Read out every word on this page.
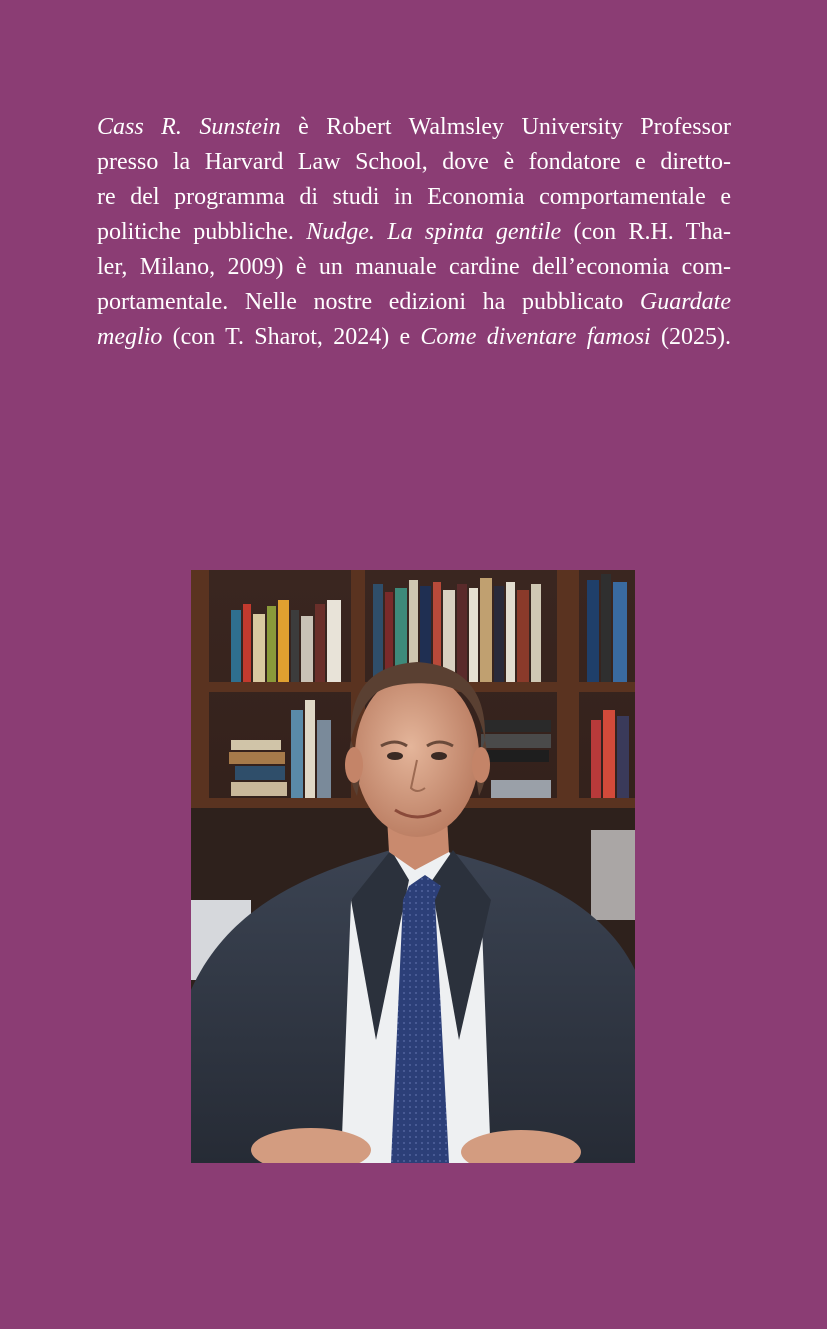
Cass R. Sunstein è Robert Walmsley University Professor
presso la Harvard Law School, dove è fondatore e diretto-
re del programma di studi in Economia comportamentale e
politiche pubbliche. Nudge. La spinta gentile (con R.H. Tha-
ler, Milano, 2009) è un manuale cardine dell’economia com-
portamentale. Nelle nostre edizioni ha pubblicato Guardate
meglio (con T. Sharot, 2024) e Come diventare famosi (2025).
